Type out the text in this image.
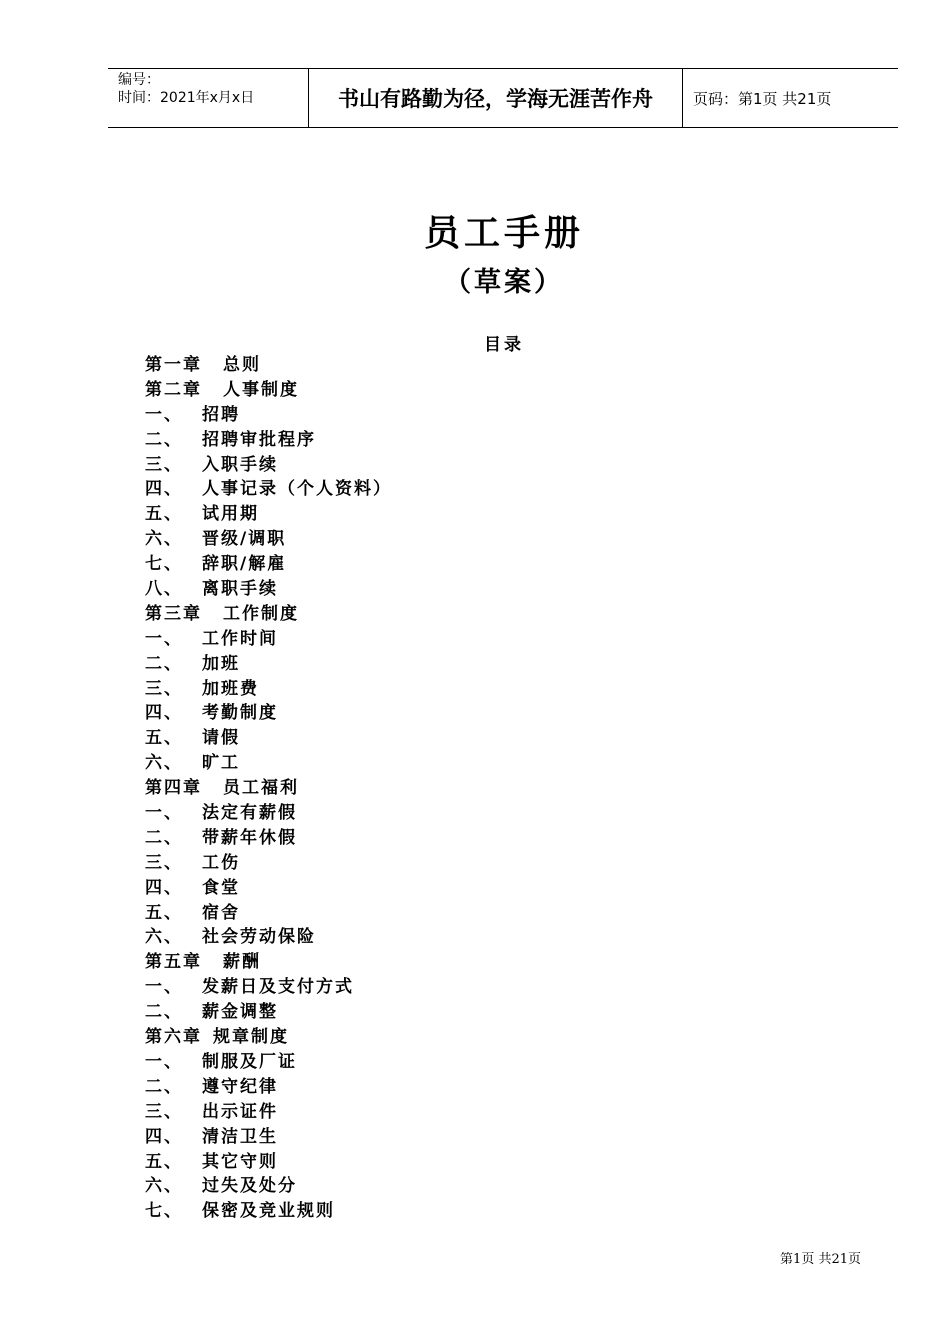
编号：
时间：2021年x月x日	书山有路勤为径，学海无涯苦作舟	页码：第1页 共21页
员工手册
（草案）
目录
第一章	总则
第二章	人事制度
一、	招聘
二、	招聘审批程序
三、	入职手续
四、	人事记录（个人资料）
五、	试用期
六、	晋级/调职
七、	辞职/解雇
八、	离职手续
第三章	工作制度
一、	工作时间
二、	加班
三、	加班费
四、	考勤制度
五、	请假
六、	旷工
第四章	员工福利
一、	法定有薪假
二、	带薪年休假
三、	工伤
四、	食堂
五、	宿舍
六、	社会劳动保险
第五章	薪酬
一、	发薪日及支付方式
二、	薪金调整
第六章 规章制度
一、	制服及厂证
二、	遵守纪律
三、	出示证件
四、	清洁卫生
五、	其它守则
六、	过失及处分
七、	保密及竞业规则
第1页 共21页
